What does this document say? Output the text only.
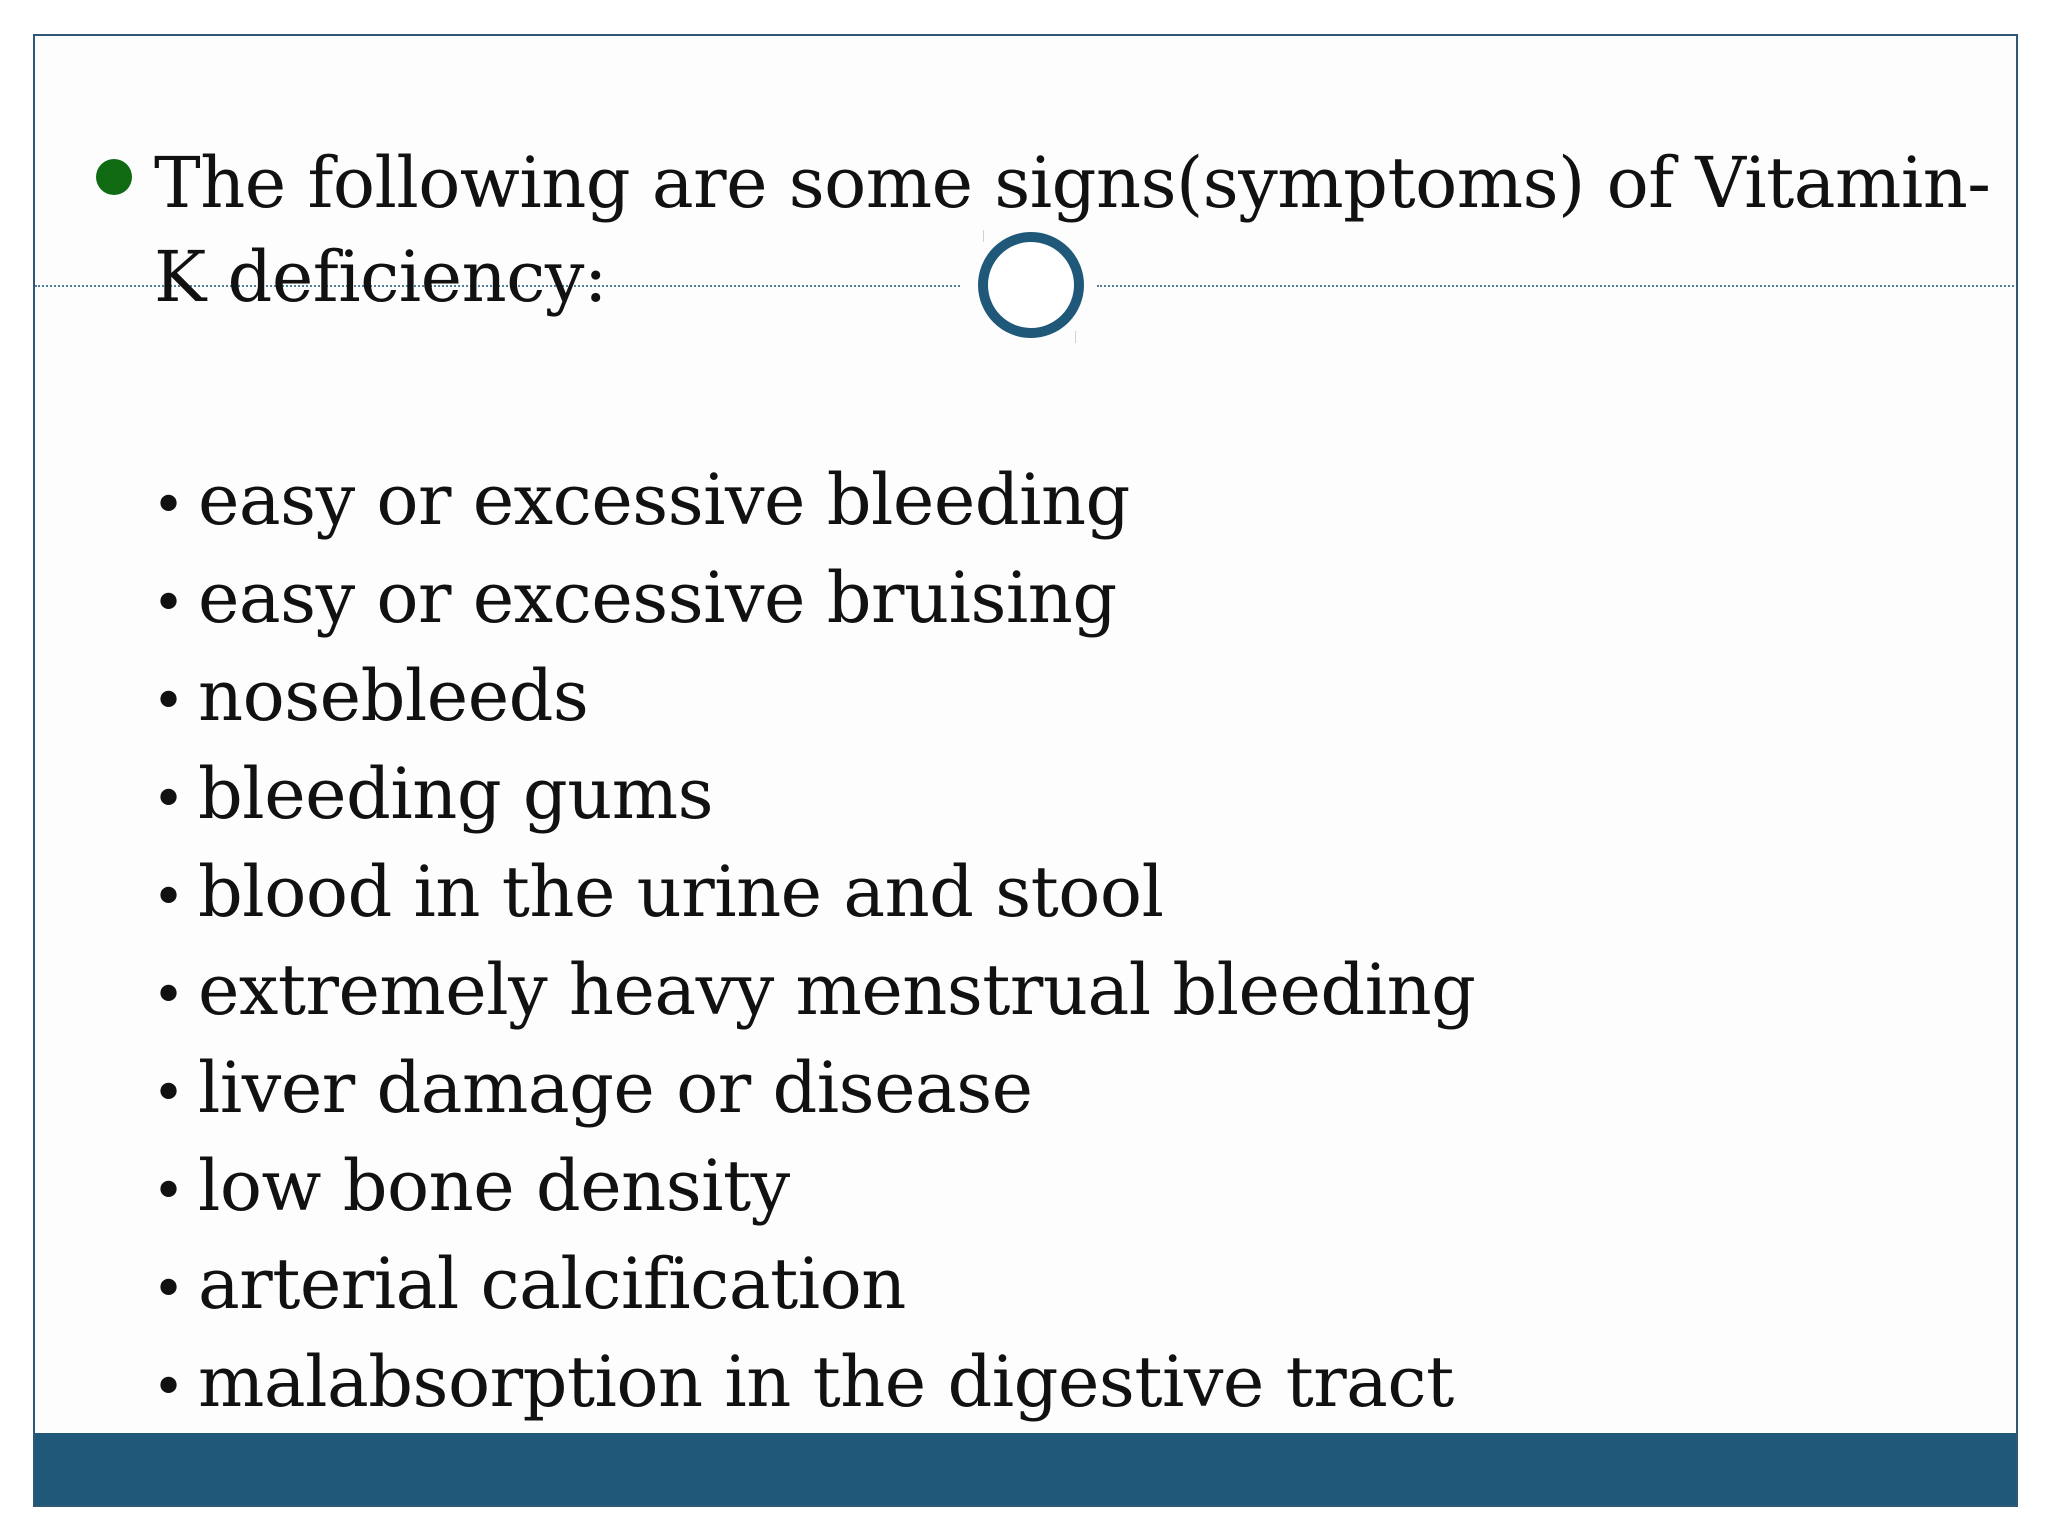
The following are some signs(symptoms) of Vitamin-K deficiency:

• easy or excessive bleeding
• easy or excessive bruising
• nosebleeds
• bleeding gums
• blood in the urine and stool
• extremely heavy menstrual bleeding
• liver damage or disease
• low bone density
• arterial calcification
• malabsorption in the digestive tract
